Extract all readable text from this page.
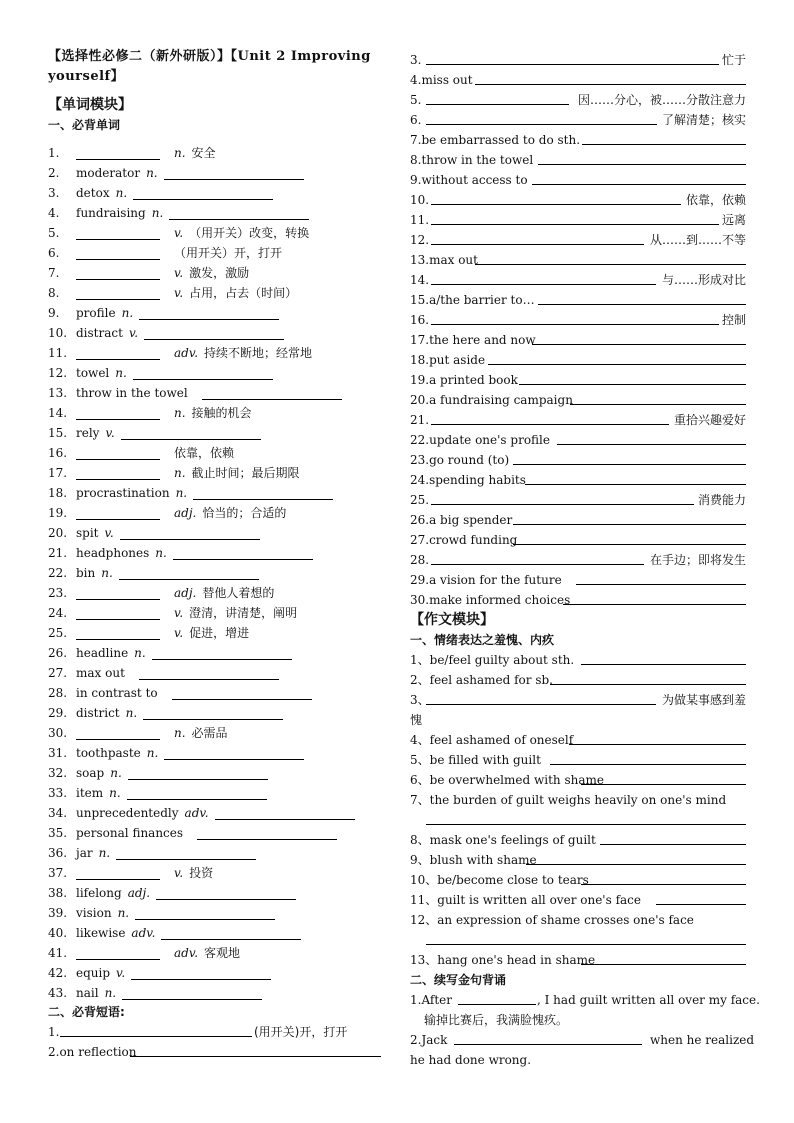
【选择性必修二（新外研版）】【Unit 2 Improving yourself】
【单词模块】
一、必背单词
1.	n. 安全
2. moderator n.
3. detox n.
4. fundraising n.
5.	v. （用开关）改变，转换
6.	（用开关）开，打开
7.	v. 激发，激励
8.	v. 占用，占去（时间）
9. profile n.
10. distract v.
11.	adv. 持续不断地；经常地
12. towel n.
13. throw in the towel
14.	n. 接触的机会
15. rely v.
16.	依靠，依赖
17.	n. 截止时间；最后期限
18. procrastination n.
19.	adj. 恰当的；合适的
20. spit v.
21. headphones n.
22. bin n.
23.	adj. 替他人着想的
24.	v. 澄清，讲清楚，阐明
25.	v. 促进，增进
26. headline n.
27. max out
28. in contrast to
29. district n.
30.	n. 必需品
31. toothpaste n.
32. soap n.
33. item n.
34. unprecedentedly adv.
35. personal finances
36. jar n.
37.	v. 投资
38. lifelong adj.
39. vision n.
40. likewise adv.
41.	adv. 客观地
42. equip v.
43. nail n.
二、必背短语:
1.	(用开关)开，打开
2.on reflection
3.	忙于
4.miss out
5.	因……分心，被……分散注意力
6.	了解清楚；核实
7.be embarrassed to do sth.
8.throw in the towel
9.without access to
10.	依靠，依赖
11.	远离
12.	从……到……不等
13.max out
14.	与……形成对比
15.a/the barrier to…
16.	控制
17.the here and now
18.put aside
19.a printed book
20.a fundraising campaign
21.	重拾兴趣爱好
22.update one's profile
23.go round (to)
24.spending habits
25.	消费能力
26.a big spender
27.crowd funding
28.	在手边；即将发生
29.a vision for the future
30.make informed choices
【作文模块】
一、情绪表达之羞愧、内疚
1、be/feel guilty about sth.
2、feel ashamed for sb.
3、	为做某事感到羞
愧
4、feel ashamed of oneself
5、be filled with guilt
6、be overwhelmed with shame
7、the burden of guilt weighs heavily on one's mind
8、mask one's feelings of guilt
9、blush with shame
10、be/become close to tears
11、guilt is written all over one's face
12、an expression of shame crosses one's face
13、hang one's head in shame
二、续写金句背诵
1.After	, I had guilt written all over my face.
输掉比赛后，我满脸愧疚。
2.Jack	when he realized
he had done wrong.
